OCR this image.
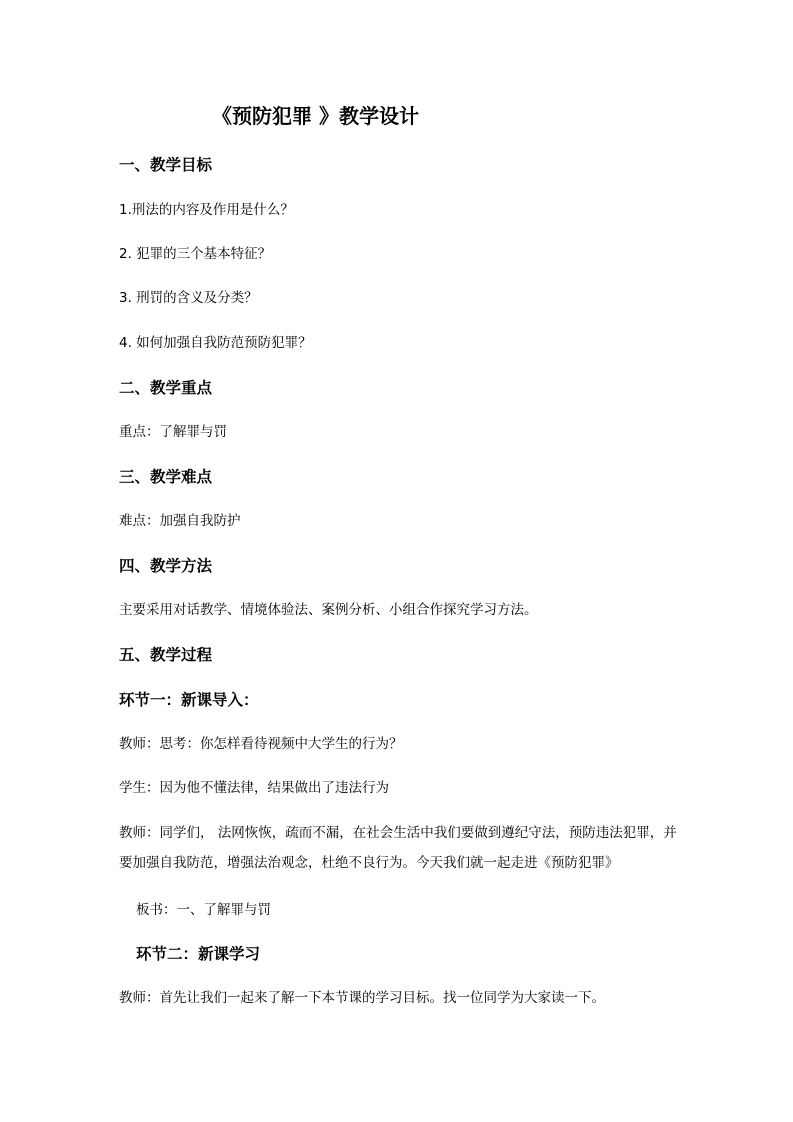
《预防犯罪 》教学设计
一、教学目标
1.刑法的内容及作用是什么？
2. 犯罪的三个基本特征？
3. 刑罚的含义及分类？
4. 如何加强自我防范预防犯罪？
二、教学重点
重点：了解罪与罚
三、教学难点
难点：加强自我防护
四、教学方法
主要采用对话教学、情境体验法、案例分析、小组合作探究学习方法。
五、教学过程
环节一：新课导入：
教师：思考：你怎样看待视频中大学生的行为？
学生：因为他不懂法律，结果做出了违法行为
教师：同学们， 法网恢恢，疏而不漏，在社会生活中我们要做到遵纪守法，预防违法犯罪，并要加强自我防范，增强法治观念，杜绝不良行为。今天我们就一起走进《预防犯罪》
板书：一、了解罪与罚
环节二：新课学习
教师：首先让我们一起来了解一下本节课的学习目标。找一位同学为大家读一下。
